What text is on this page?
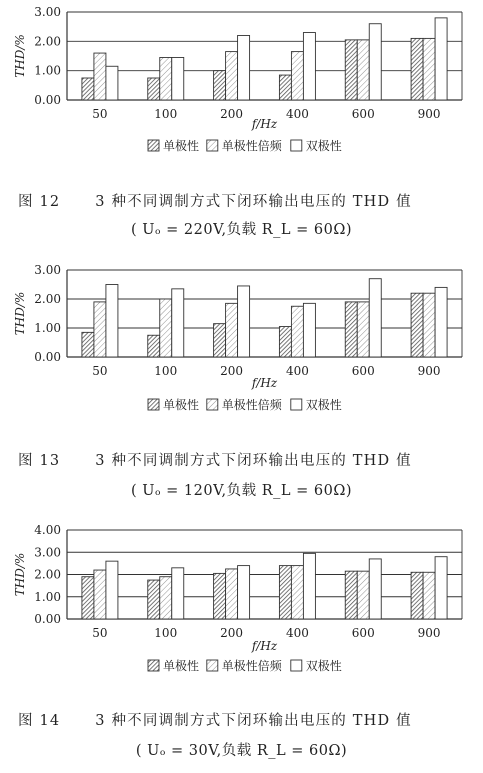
0.00
1.00
2.00
3.00
THD/%
50	100	200	400	600	900
f/Hz
单极性 单极性倍频 双极性
0.00
1.00
2.00
3.00
THD/%
50	100	200	400	600	900
f/Hz
单极性 单极性倍频 双极性
0.00
1.00
2.00
3.00
4.00
THD/%
50	100	200	400	600	900
f/Hz
单极性 单极性倍频 双极性
图 12 3 种不同调制方式下闭环输出电压的 THD 值
( Uₒ = 220V,负载 R_L = 60Ω)
图 13 3 种不同调制方式下闭环输出电压的 THD 值
( Uₒ = 120V,负载 R_L = 60Ω)
图 14 3 种不同调制方式下闭环输出电压的 THD 值
( Uₒ = 30V,负载 R_L = 60Ω)
